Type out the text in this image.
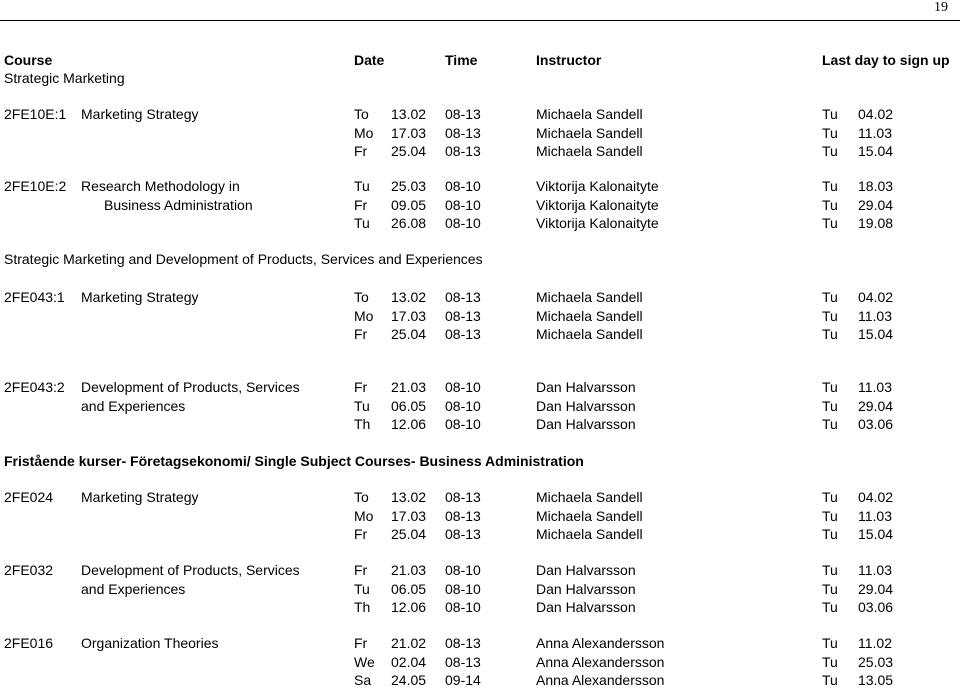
19
Course	Date	Time	Instructor	Last day to sign up
Strategic Marketing
Strategic Marketing and Development of Products, Services and Experiences
Fristående kurser- Företagsekonomi/ Single Subject Courses- Business Administration
2FE10E:1 Marketing Strategy	To 13.02 08-13	Michaela Sandell	Tu 04.02
Mo 17.03 08-13	Michaela Sandell	Tu 11.03
Fr 25.04 08-13	Michaela Sandell	Tu 15.04
2FE10E:2 Research Methodology in
Business Administration
Tu 25.03 08-10	Viktorija Kalonaityte	Tu 18.03
Fr 09.05 08-10	Viktorija Kalonaityte	Tu 29.04
Tu 26.08 08-10	Viktorija Kalonaityte	Tu 19.08
2FE043:1 Marketing Strategy	To 13.02 08-13	Michaela Sandell	Tu 04.02
Mo 17.03 08-13	Michaela Sandell	Tu 11.03
Fr 25.04 08-13	Michaela Sandell	Tu 15.04
2FE043:2 Development of Products, Services
and Experiences
Fr 21.03 08-10	Dan Halvarsson	Tu 11.03
Tu 06.05 08-10	Dan Halvarsson	Tu 29.04
Th 12.06 08-10	Dan Halvarsson	Tu 03.06
2FE024 Marketing Strategy	To 13.02 08-13	Michaela Sandell	Tu 04.02
Mo 17.03 08-13	Michaela Sandell	Tu 11.03
Fr 25.04 08-13	Michaela Sandell	Tu 15.04
2FE032 Development of Products, Services
and Experiences
Fr 21.03 08-10	Dan Halvarsson	Tu 11.03
Tu 06.05 08-10	Dan Halvarsson	Tu 29.04
Th 12.06 08-10	Dan Halvarsson	Tu 03.06
2FE016 Organization Theories	Fr 21.02 08-13	Anna Alexandersson	Tu 11.02
We 02.04 08-13	Anna Alexandersson	Tu 25.03
Sa 24.05 09-14	Anna Alexandersson	Tu 13.05
